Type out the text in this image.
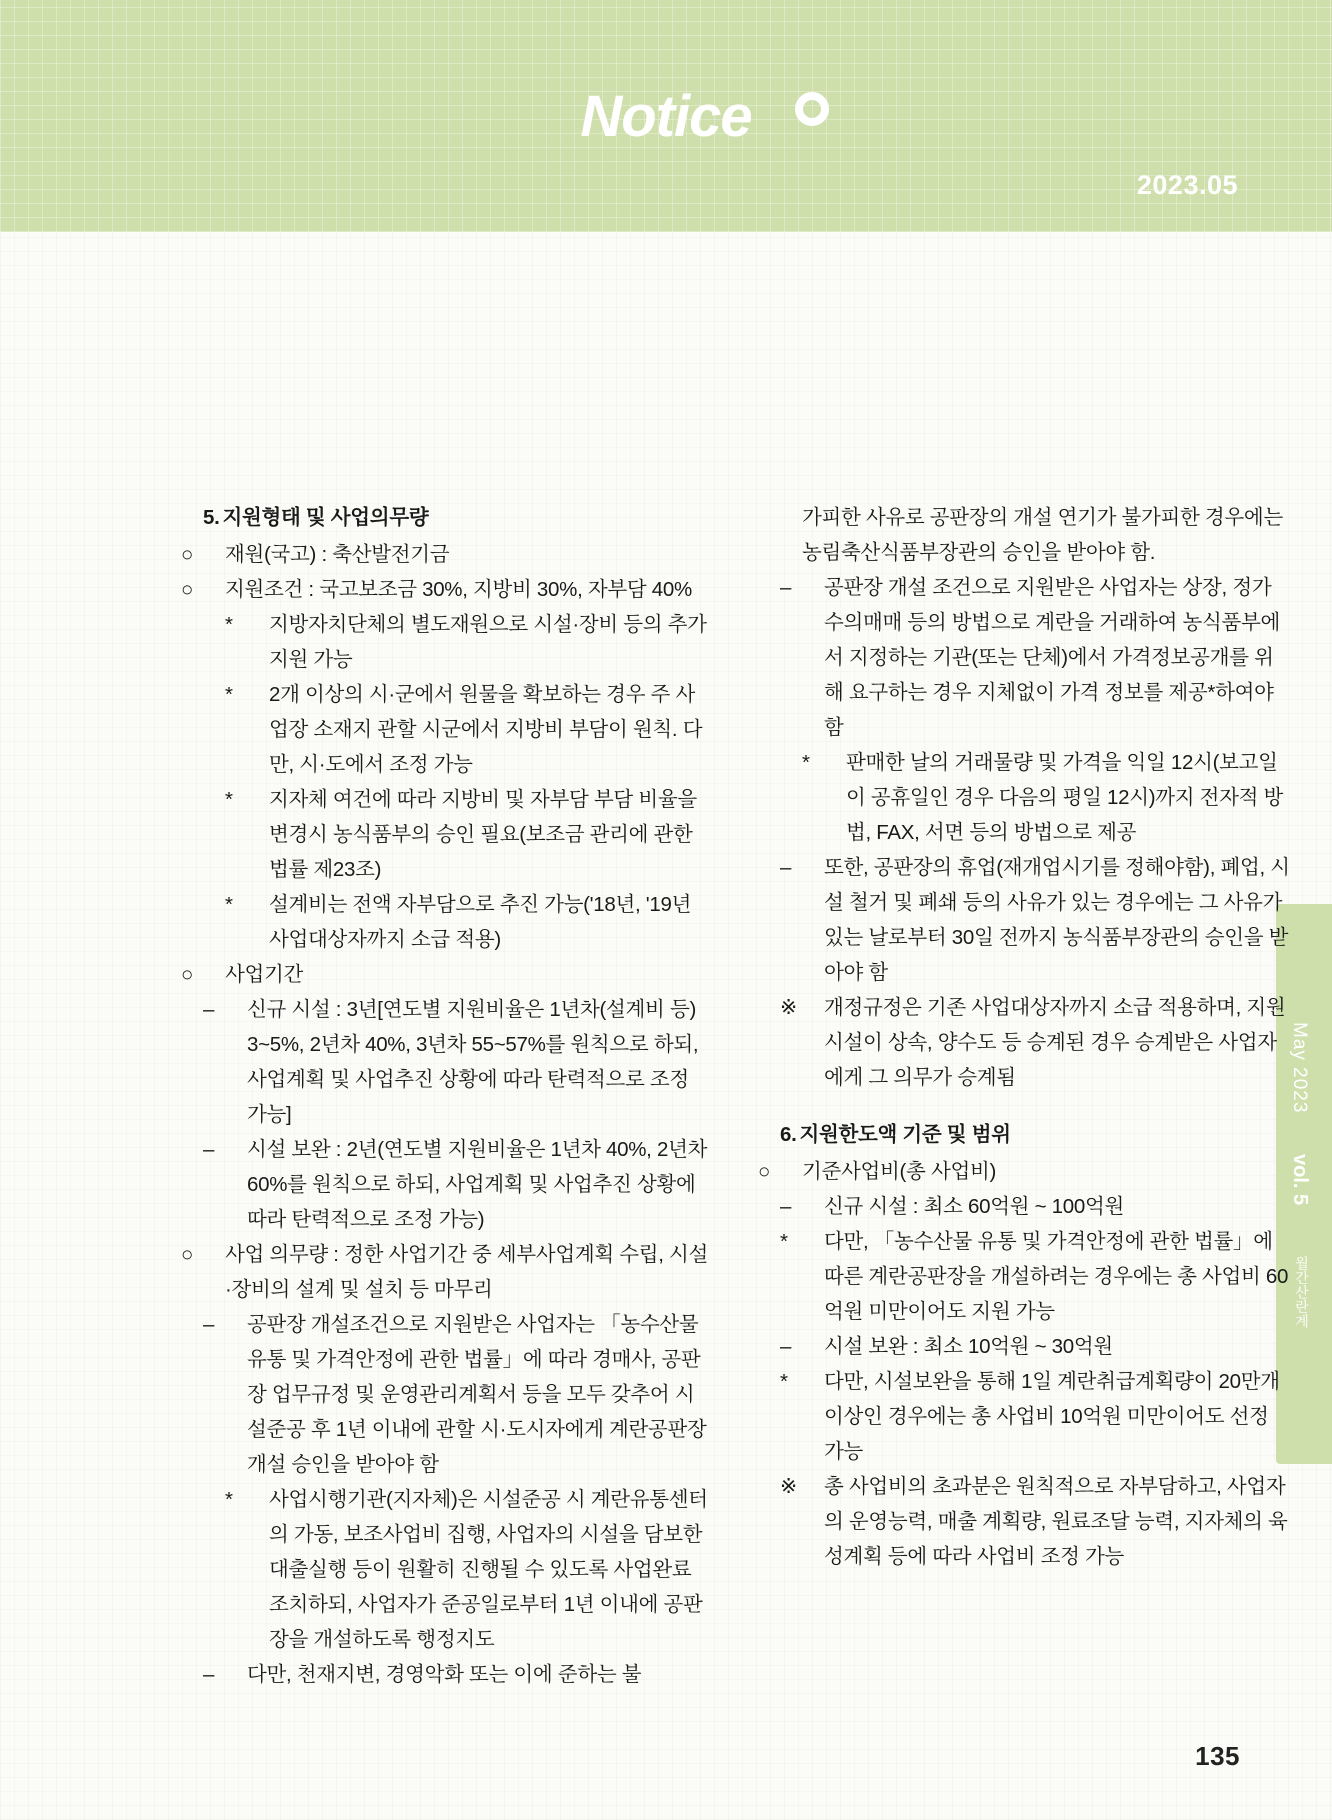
Notice
2023.05
May 2023
vol. 5
월간산란계

5. 지원형태 및 사업의무량

○ 재원(국고) : 축산발전기금

○ 지원조건 : 국고보조금 30%, 지방비 30%, 자부담 40%

* 지방자치단체의 별도재원으로 시설·장비 등의 추가지원 가능

* 2개 이상의 시·군에서 원물을 확보하는 경우 주 사업장 소재지 관할 시군에서 지방비 부담이 원칙. 다만, 시·도에서 조정 가능

* 지자체 여건에 따라 지방비 및 자부담 부담 비율을 변경시 농식품부의 승인 필요(보조금 관리에 관한 법률 제23조)

* 설계비는 전액 자부담으로 추진 가능('18년, '19년 사업대상자까지 소급 적용)

○ 사업기간

– 신규 시설 : 3년[연도별 지원비율은 1년차(설계비 등) 3~5%, 2년차 40%, 3년차 55~57%를 원칙으로 하되, 사업계획 및 사업추진 상황에 따라 탄력적으로 조정 가능]

– 시설 보완 : 2년(연도별 지원비율은 1년차 40%, 2년차 60%를 원칙으로 하되, 사업계획 및 사업추진 상황에 따라 탄력적으로 조정 가능)

○ 사업 의무량 : 정한 사업기간 중 세부사업계획 수립, 시설·장비의 설계 및 설치 등 마무리

– 공판장 개설조건으로 지원받은 사업자는 「농수산물 유통 및 가격안정에 관한 법률」에 따라 경매사, 공판장 업무규정 및 운영관리계획서 등을 모두 갖추어 시설준공 후 1년 이내에 관할 시·도시자에게 계란공판장 개설 승인을 받아야 함

* 사업시행기관(지자체)은 시설준공 시 계란유통센터의 가동, 보조사업비 집행, 사업자의 시설을 담보한 대출실행 등이 원활히 진행될 수 있도록 사업완료 조치하되, 사업자가 준공일로부터 1년 이내에 공판장을 개설하도록 행정지도

– 다만, 천재지변, 경영악화 또는 이에 준하는 불

가피한 사유로 공판장의 개설 연기가 불가피한 경우에는 농림축산식품부장관의 승인을 받아야 함.

– 공판장 개설 조건으로 지원받은 사업자는 상장, 정가수의매매 등의 방법으로 계란을 거래하여 농식품부에서 지정하는 기관(또는 단체)에서 가격정보공개를 위해 요구하는 경우 지체없이 가격 정보를 제공*하여야 함

* 판매한 날의 거래물량 및 가격을 익일 12시(보고일이 공휴일인 경우 다음의 평일 12시)까지 전자적 방법, FAX, 서면 등의 방법으로 제공

– 또한, 공판장의 휴업(재개업시기를 정해야함), 폐업, 시설 철거 및 폐쇄 등의 사유가 있는 경우에는 그 사유가 있는 날로부터 30일 전까지 농식품부장관의 승인을 받아야 함

※ 개정규정은 기존 사업대상자까지 소급 적용하며, 지원시설이 상속, 양수도 등 승계된 경우 승계받은 사업자에게 그 의무가 승계됨

6. 지원한도액 기준 및 범위

○ 기준사업비(총 사업비)

– 신규 시설 : 최소 60억원 ~ 100억원

* 다만, 「농수산물 유통 및 가격안정에 관한 법률」에 따른 계란공판장을 개설하려는 경우에는 총 사업비 60억원 미만이어도 지원 가능

– 시설 보완 : 최소 10억원 ~ 30억원

* 다만, 시설보완을 통해 1일 계란취급계획량이 20만개 이상인 경우에는 총 사업비 10억원 미만이어도 선정 가능

※ 총 사업비의 초과분은 원칙적으로 자부담하고, 사업자의 운영능력, 매출 계획량, 원료조달 능력, 지자체의 육성계획 등에 따라 사업비 조정 가능

135
